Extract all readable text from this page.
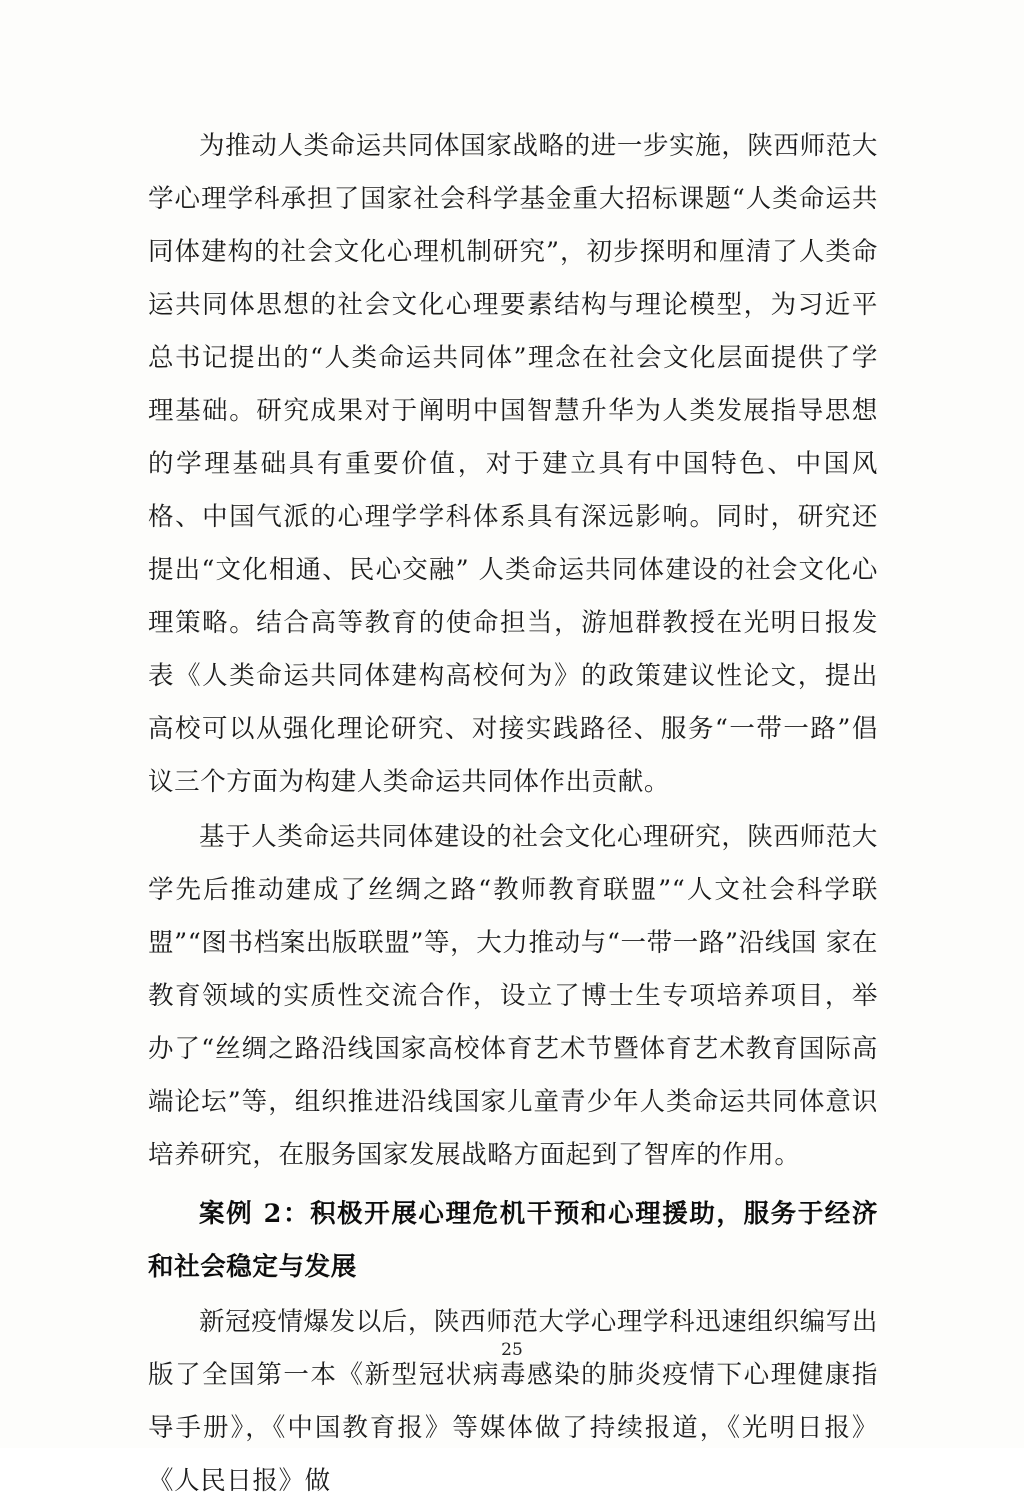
为推动人类命运共同体国家战略的进一步实施，陕西师范大学心理学科承担了国家社会科学基金重大招标课题“人类命运共同体建构的社会文化心理机制研究”，初步探明和厘清了人类命运共同体思想的社会文化心理要素结构与理论模型，为习近平总书记提出的“人类命运共同体”理念在社会文化层面提供了学理基础。研究成果对于阐明中国智慧升华为人类发展指导思想的学理基础具有重要价值，对于建立具有中国特色、中国风格、中国气派的心理学学科体系具有深远影响。同时，研究还提出“文化相通、民心交融” 人类命运共同体建设的社会文化心理策略。结合高等教育的使命担当，游旭群教授在光明日报发表《人类命运共同体建构高校何为》的政策建议性论文，提出高校可以从强化理论研究、对接实践路径、服务“一带一路”倡议三个方面为构建人类命运共同体作出贡献。

基于人类命运共同体建设的社会文化心理研究，陕西师范大学先后推动建成了丝绸之路“教师教育联盟”“人文社会科学联盟”“图书档案出版联盟”等，大力推动与“一带一路”沿线国 家在教育领域的实质性交流合作，设立了博士生专项培养项目，举办了“丝绸之路沿线国家高校体育艺术节暨体育艺术教育国际高端论坛”等，组织推进沿线国家儿童青少年人类命运共同体意识培养研究，在服务国家发展战略方面起到了智库的作用。

案例 2：积极开展心理危机干预和心理援助，服务于经济和社会稳定与发展

新冠疫情爆发以后，陕西师范大学心理学科迅速组织编写出版了全国第一本《新型冠状病毒感染的肺炎疫情下心理健康指导手册》，《中国教育报》等媒体做了持续报道，《光明日报》《人民日报》做

25
